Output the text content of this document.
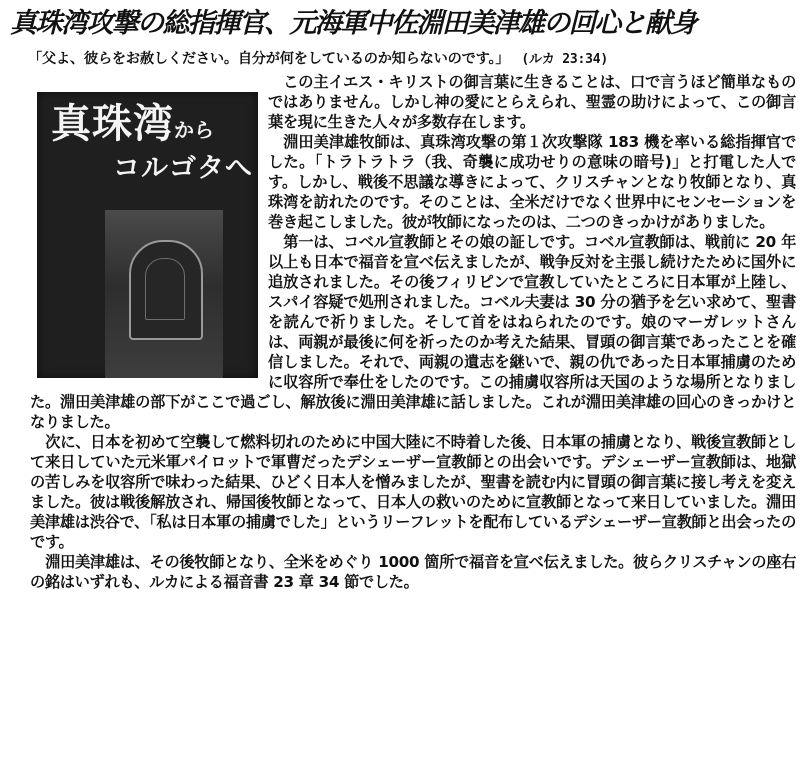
真珠湾攻撃の総指揮官、元海軍中佐淵田美津雄の回心と献身
「父よ、彼らをお赦しください。自分が何をしているのか知らないのです。」 (ルカ 23:34)
真珠湾から
コルゴタへ

この主イエス・キリストの御言葉に生きることは、口で言うほど簡単なものではありません。しかし神の愛にとらえられ、聖霊の助けによって、この御言葉を現に生きた人々が多数存在します。

淵田美津雄牧師は、真珠湾攻撃の第１次攻撃隊 183 機を率いる総指揮官でした。「トラトラトラ（我、奇襲に成功せりの意味の暗号)」と打電した人です。しかし、戦後不思議な導きによって、クリスチャンとなり牧師となり、真珠湾を訪れたのです。そのことは、全米だけでなく世界中にセンセーションを巻き起こしました。彼が牧師になったのは、二つのきっかけがありました。

第一は、コベル宣教師とその娘の証しです。コベル宣教師は、戦前に 20 年以上も日本で福音を宣べ伝えましたが、戦争反対を主張し続けたために国外に追放されました。その後フィリピンで宣教していたところに日本軍が上陸し、スパイ容疑で処刑されました。コベル夫妻は 30 分の猶予を乞い求めて、聖書を読んで祈りました。そして首をはねられたのです。娘のマーガレットさんは、両親が最後に何を祈ったのか考えた結果、冒頭の御言葉であったことを確信しました。それで、両親の遺志を継いで、親の仇であった日本軍捕虜のために収容所で奉仕をしたのです。この捕虜収容所は天国のような場所となりました。淵田美津雄の部下がここで過ごし、解放後に淵田美津雄に話しました。これが淵田美津雄の回心のきっかけとなりました。

次に、日本を初めて空襲して燃料切れのために中国大陸に不時着した後、日本軍の捕虜となり、戦後宣教師として来日していた元米軍パイロットで軍曹だったデシェーザー宣教師との出会いです。デシェーザー宣教師は、地獄の苦しみを収容所で味わった結果、ひどく日本人を憎みましたが、聖書を読む内に冒頭の御言葉に接し考えを変えました。彼は戦後解放され、帰国後牧師となって、日本人の救いのために宣教師となって来日していました。淵田美津雄は渋谷で、「私は日本軍の捕虜でした」というリーフレットを配布しているデシェーザー宣教師と出会ったのです。

淵田美津雄は、その後牧師となり、全米をめぐり 1000 箇所で福音を宣べ伝えました。彼らクリスチャンの座右の銘はいずれも、ルカによる福音書 23 章 34 節でした。
